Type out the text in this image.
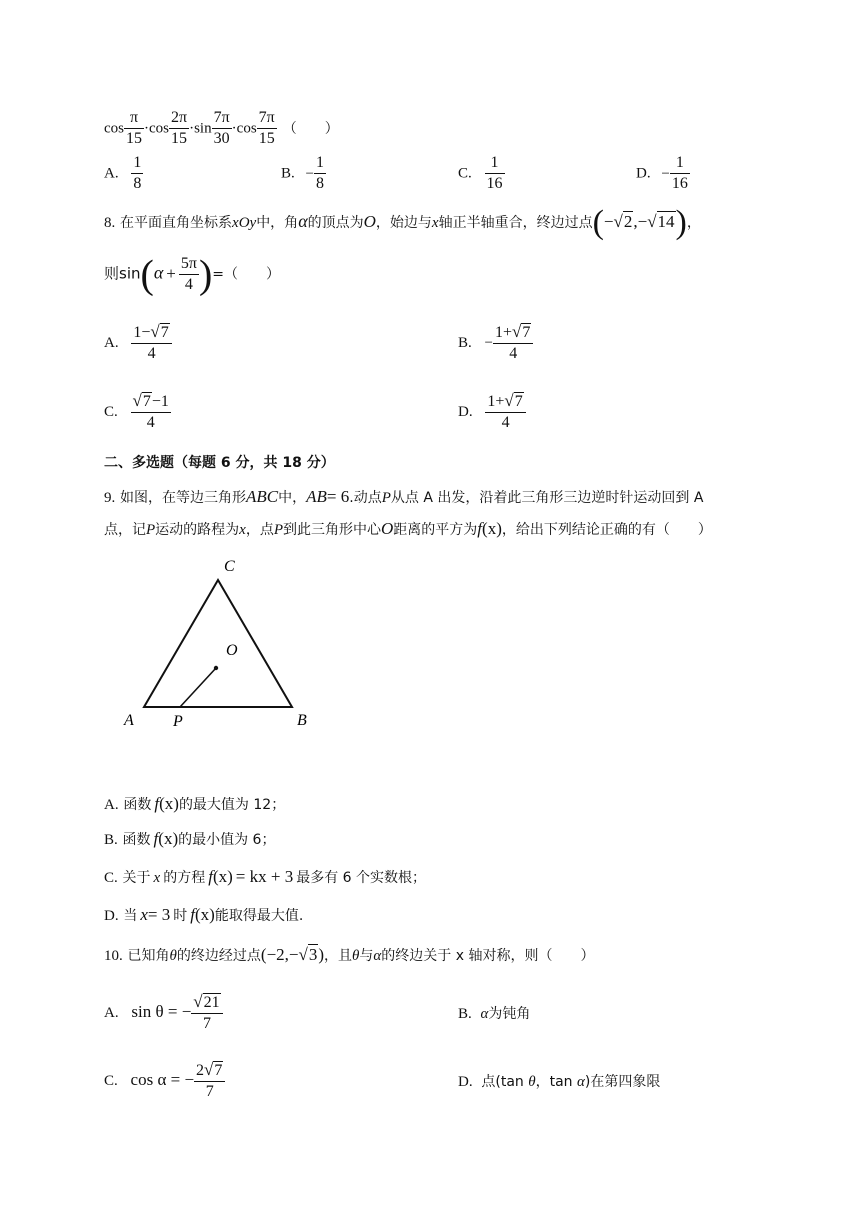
$\cos \frac{\pi}{15} \cdot\cos \frac{2\pi}{15} \cdot\sin \frac{7\pi}{30} \cdot\cos \frac{7\pi}{15}$ （　　）
A. $\frac{1}{8}$	B. − $\frac{1}{8}$	C. $\frac{1}{16}$	D. − $\frac{1}{16}$
8. 在平面直角坐标系xOy中，角α的顶点为O，始边与x轴正半轴重合，终边过点(−√2,−√14)，
则$\sin(\alpha + \frac{5\pi}{4}$ )=（　　）
A. $\frac{1-√7}{4}$	B. − $\frac{1+√7}{4}$
C. $\frac{√7-1}{4}$	D. $\frac{1+√7}{4}$
二、多选题（每题 6 分，共 18 分）
9. 如图，在等边三角形ABC中，AB= 6.动点P从点 A 出发，沿着此三角形三边逆时针运动回到 A
点，记P运动的路程为x，点P到此三角形中心O距离的平方为f(x)，给出下列结论正确的有（　　）
C
O
A P	B
A. 函数 f(x)的最大值为 12；
B. 函数 f(x)的最小值为 6；
C. 关于 x 的方程 f(x) = kx + 3 最多有 6 个实数根；
D. 当 x= 3 时 f(x)能取得最大值.
10. 已知角θ的终边经过点(−2,−√3)，且θ与α的终边关于 x 轴对称，则（　　）
A. sin θ = − $\frac{√21}{7}$	B. α为钝角
C. cos α = − $\frac{2√7}{7}$	D. 点(tan θ，tan α)在第四象限
